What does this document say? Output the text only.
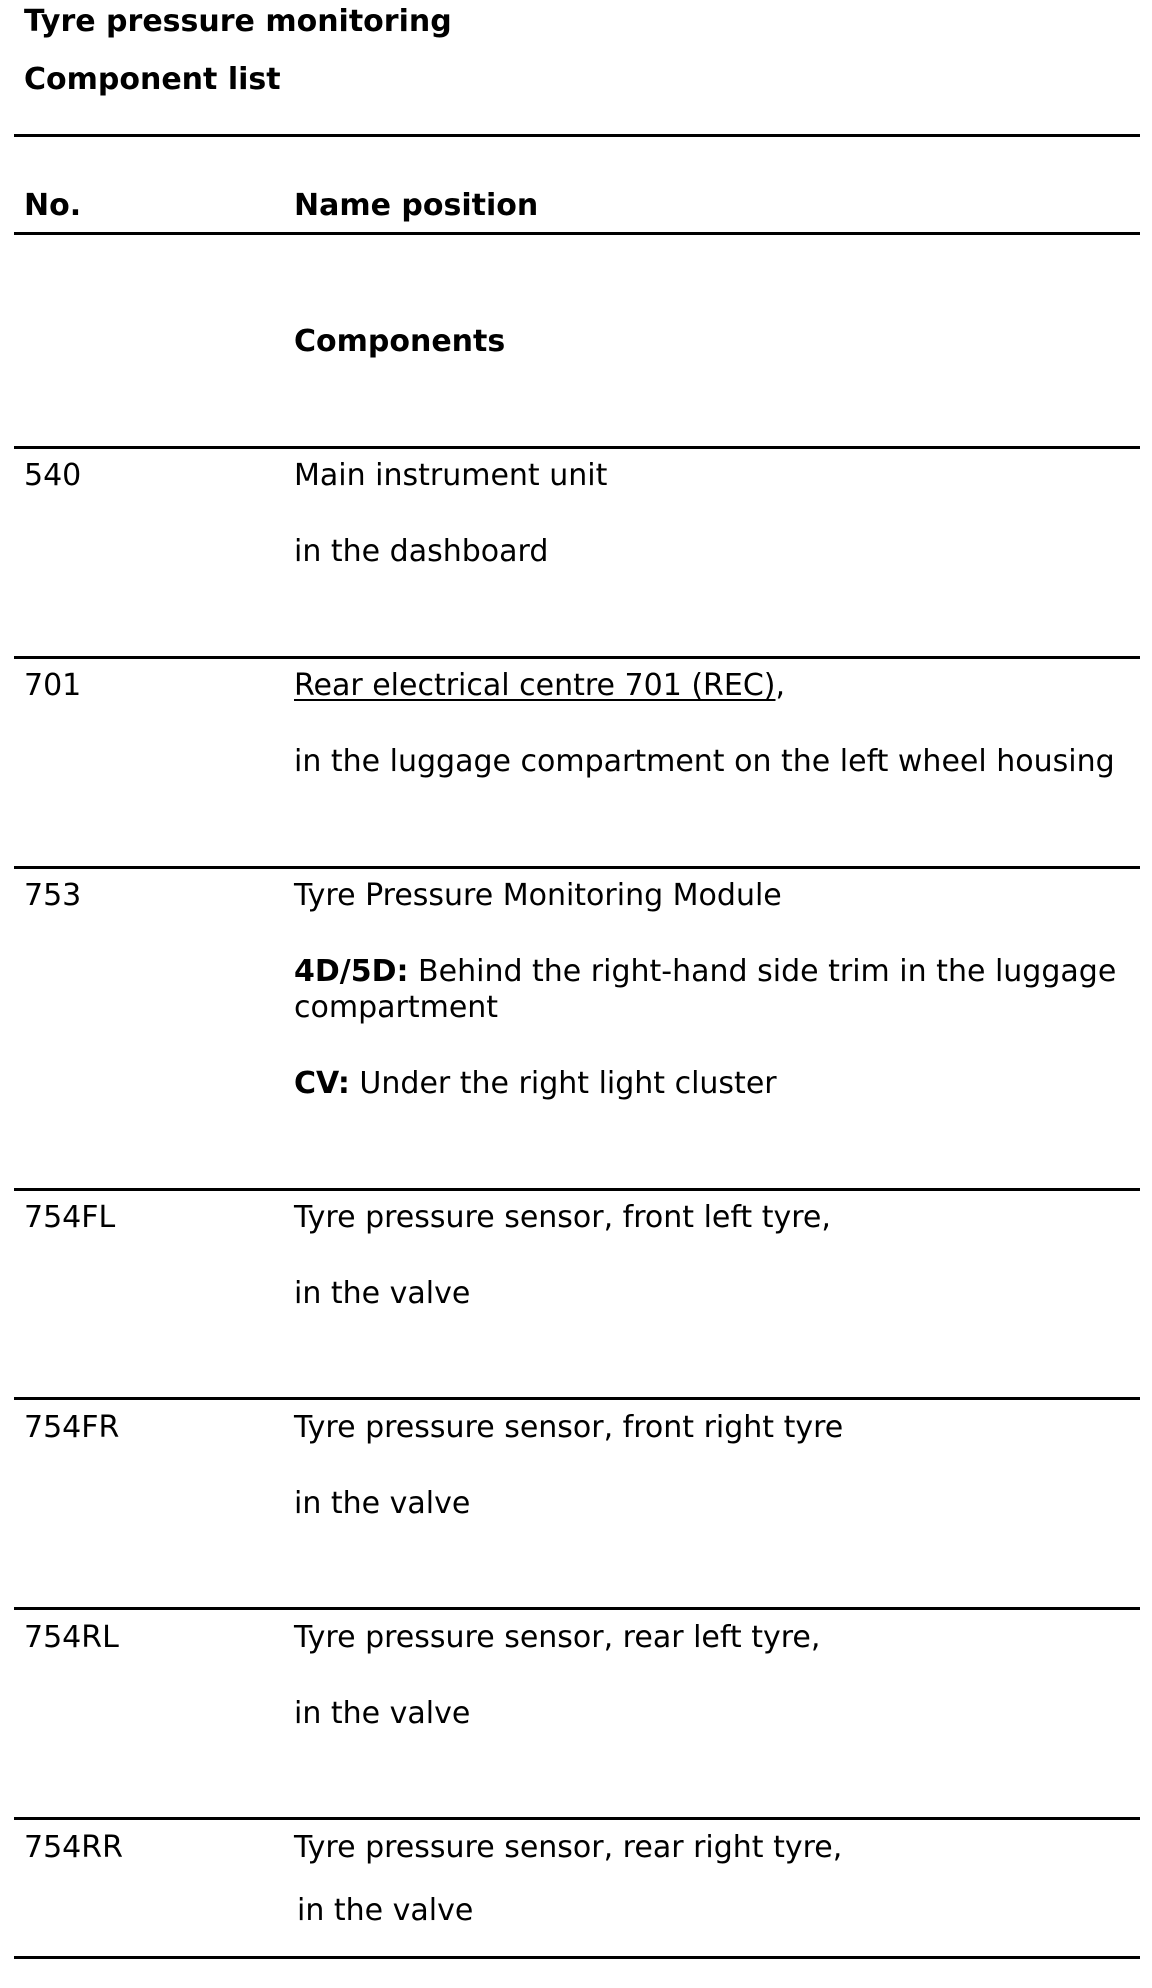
Tyre pressure monitoring
Component list
No.	Name position
Components
540	Main instrument unit
in the dashboard
701	Rear electrical centre 701 (REC),
in the luggage compartment on the left wheel housing
753	Tyre Pressure Monitoring Module
4D/5D: Behind the right-hand side trim in the luggage compartment
CV: Under the right light cluster
754FL	Tyre pressure sensor, front left tyre,
in the valve
754FR	Tyre pressure sensor, front right tyre
in the valve
754RL	Tyre pressure sensor, rear left tyre,
in the valve
754RR	Tyre pressure sensor, rear right tyre,
in the valve
